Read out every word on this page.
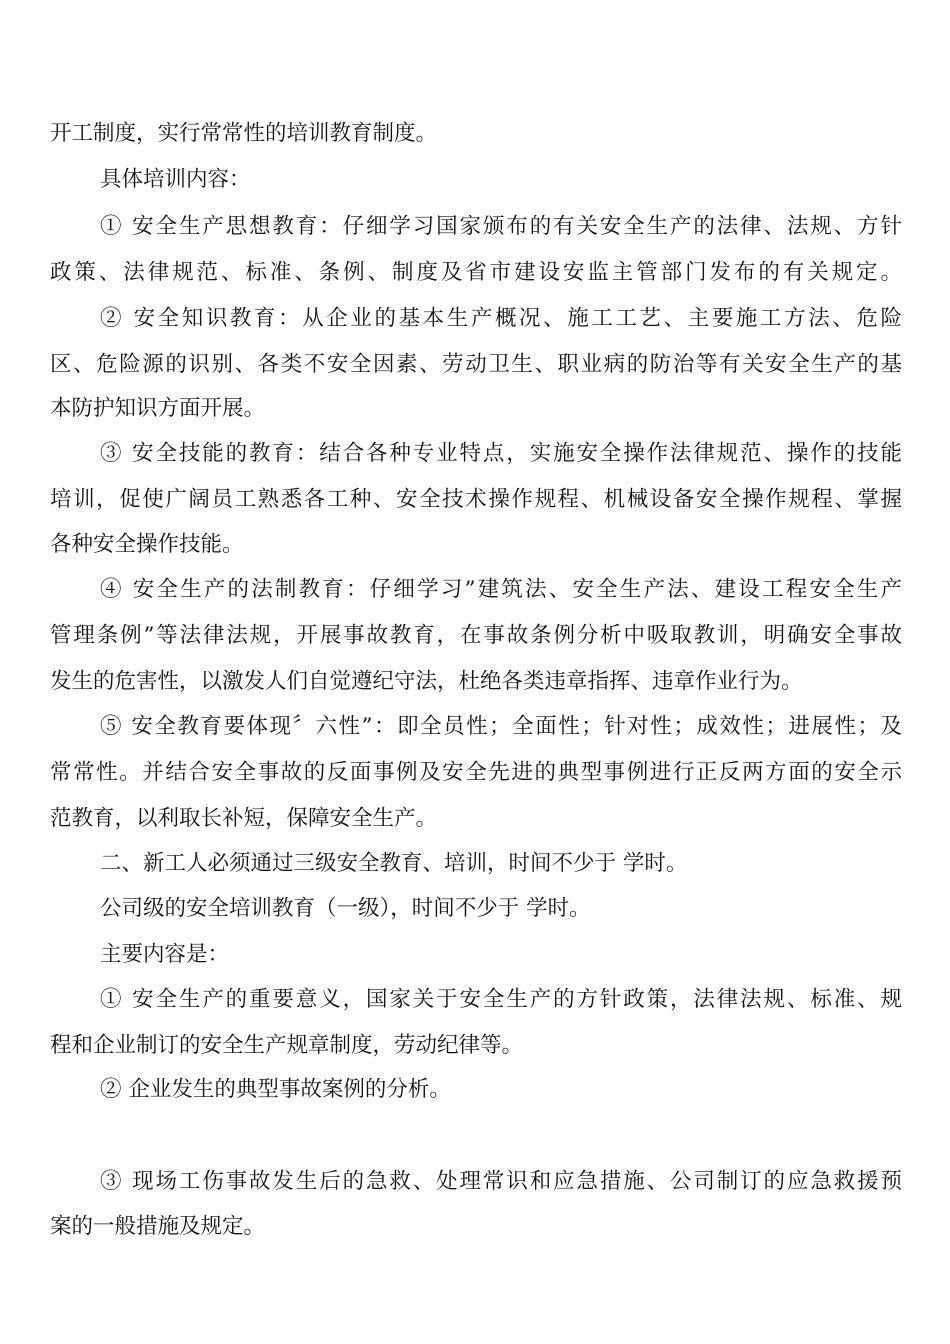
开工制度，实行常常性的培训教育制度。
具体培训内容：
① 安全生产思想教育：仔细学习国家颁布的有关安全生产的法律、法规、方针
政策、法律规范、标准、条例、制度及省市建设安监主管部门发布的有关规定。
② 安全知识教育：从企业的基本生产概况、施工工艺、主要施工方法、危险
区、危险源的识别、各类不安全因素、劳动卫生、职业病的防治等有关安全生产的基
本防护知识方面开展。
③ 安全技能的教育：结合各种专业特点，实施安全操作法律规范、操作的技能
培训，促使广阔员工熟悉各工种、安全技术操作规程、机械设备安全操作规程、掌握
各种安全操作技能。
④ 安全生产的法制教育：仔细学习”建筑法、安全生产法、建设工程安全生产
管理条例”等法律法规，开展事故教育，在事故条例分析中吸取教训，明确安全事故
发生的危害性，以激发人们自觉遵纪守法，杜绝各类违章指挥、违章作业行为。
⑤ 安全教育要体现〞六性”：即全员性；全面性；针对性；成效性；进展性；及
常常性。并结合安全事故的反面事例及安全先进的典型事例进行正反两方面的安全示
范教育，以利取长补短，保障安全生产。
二、新工人必须通过三级安全教育、培训，时间不少于 学时。
公司级的安全培训教育（一级），时间不少于 学时。
主要内容是：
① 安全生产的重要意义，国家关于安全生产的方针政策，法律法规、标准、规
程和企业制订的安全生产规章制度，劳动纪律等。
② 企业发生的典型事故案例的分析。
③ 现场工伤事故发生后的急救、处理常识和应急措施、公司制订的应急救援预
案的一般措施及规定。
